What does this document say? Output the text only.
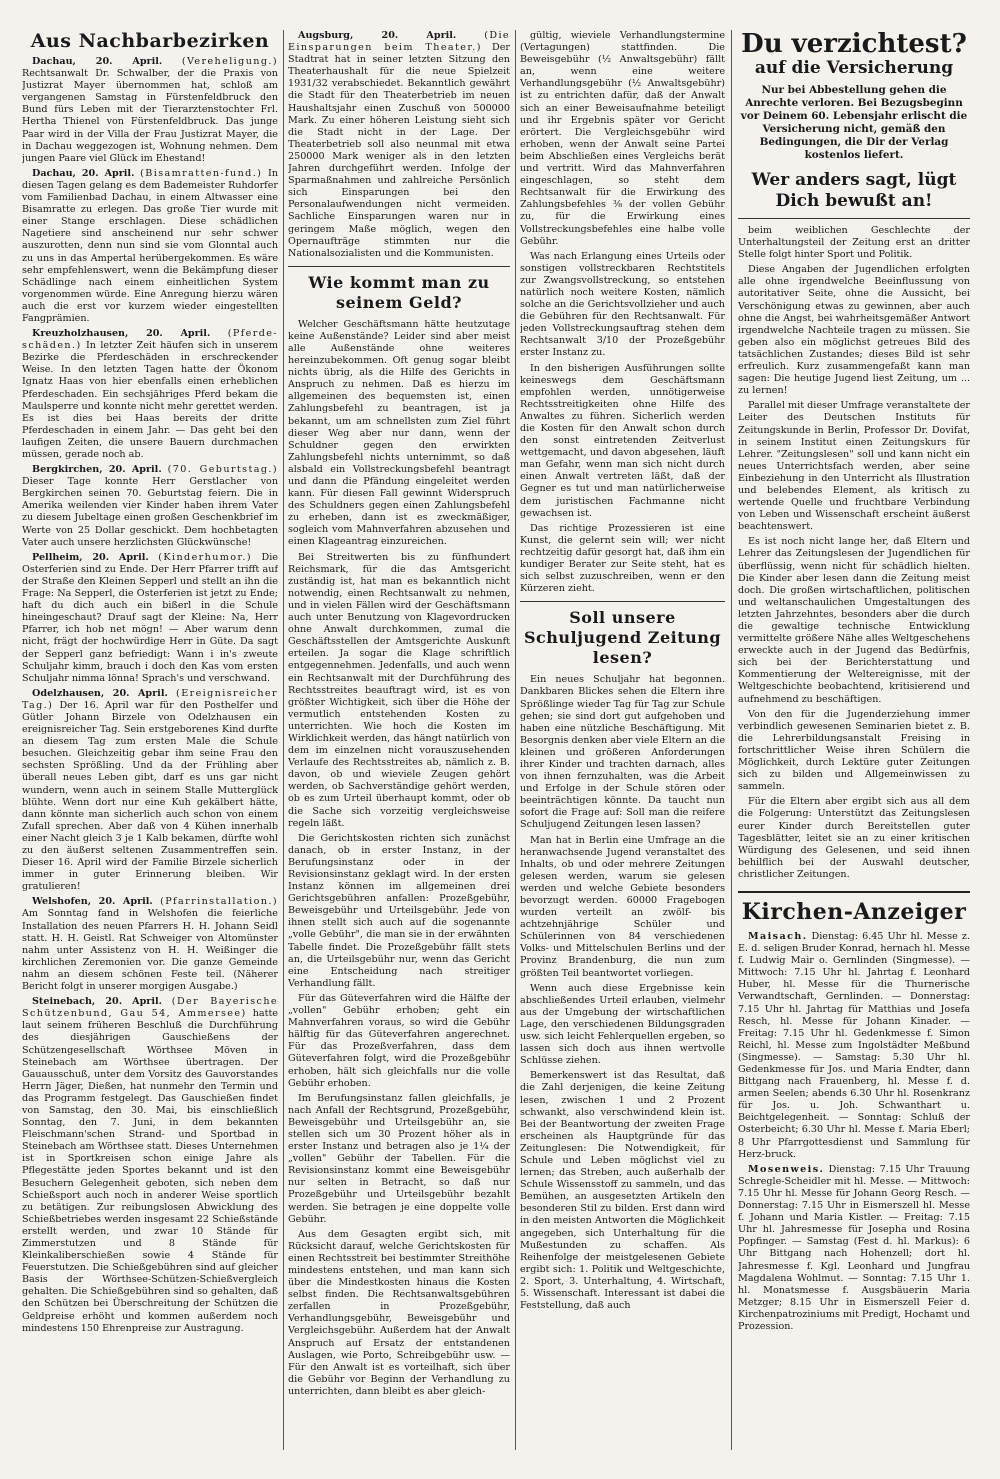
Aus Nachbarbezirken

Dachau, 20. April. (Vereheligung.) Rechtsanwalt Dr. Schwalber, der die Praxis von Justizrat Mayer übernommen hat, schloß am vergangenen Samstag in Fürstenfeldbruck den Bund fürs Leben mit der Tierarztenstochter Frl. Hertha Thienel von Fürstenfeldbruck. Das junge Paar wird in der Villa der Frau Justizrat Mayer, die in Dachau weggezogen ist, Wohnung nehmen. Dem jungen Paare viel Glück im Ehestand!

Dachau, 20. April. (Bisamratten-fund.) In diesen Tagen gelang es dem Bademeister Ruhdorfer vom Familienbad Dachau, in einem Altwasser eine Bisamratte zu erlegen. Das große Tier wurde mit einer Stange erschlagen. Diese schädlichen Nagetiere sind anscheinend nur sehr schwer auszurotten, denn nun sind sie vom Glonntal auch zu uns in das Ampertal herübergekommen. Es wäre sehr empfehlenswert, wenn die Bekämpfung dieser Schädlinge nach einem einheitlichen System vorgenommen würde. Eine Anregung hierzu wären auch die erst vor kurzem wieder eingestellten Fangprämien.

Kreuzholzhausen, 20. April. (Pferde-schäden.) In letzter Zeit häufen sich in unserem Bezirke die Pferdeschäden in erschreckender Weise. In den letzten Tagen hatte der Ökonom Ignatz Haas von hier ebenfalls einen erheblichen Pferdeschaden. Ein sechsjähriges Pferd bekam die Maulsperre und konnte nicht mehr gerettet werden. Es ist dies bei Haas bereits der dritte Pferdeschaden in einem Jahr. — Das geht bei den laufigen Zeiten, die unsere Bauern durchmachen müssen, gerade noch ab.

Bergkirchen, 20. April. (70. Geburtstag.) Dieser Tage konnte Herr Gerstlacher von Bergkirchen seinen 70. Geburtstag feiern. Die in Amerika weilenden vier Kinder haben ihrem Vater zu diesem Jubeltage einen großen Geschenkbrief im Werte von 25 Dollar geschickt. Dem hochbetagten Vater auch unsere herzlichsten Glückwünsche!

Pellheim, 20. April. (Kinderhumor.) Die Osterferien sind zu Ende. Der Herr Pfarrer trifft auf der Straße den Kleinen Sepperl und stellt an ihn die Frage: Na Sepperl, die Osterferien ist jetzt zu Ende; haft du dich auch ein bißerl in die Schule hineingeschaut? Drauf sagt der Kleine: Na, Herr Pfarrer, ich hob net mögn! — Aber warum denn nicht, frägt der hochwürdige Herr in Güte. Da sagt der Sepperl ganz befriedigt: Wann i in's zweute Schuljahr kimm, brauch i doch den Kas vom ersten Schuljahr nimma lönna! Sprach's und verschwand.

Odelzhausen, 20. April. (Ereignisreicher Tag.) Der 16. April war für den Posthelfer und Gütler Johann Birzele von Odelzhausen ein ereignisreicher Tag. Sein erstgeborenes Kind durfte an diesem Tag zum ersten Male die Schule besuchen. Gleichzeitig gebar ihm seine Frau den sechsten Sprößling. Und da der Frühling aber überall neues Leben gibt, darf es uns gar nicht wundern, wenn auch in seinem Stalle Mutterglück blühte. Wenn dort nur eine Kuh gekälbert hätte, dann könnte man sicherlich auch schon von einem Zufall sprechen. Aber daß von 4 Kühen innerhalb einer Nacht gleich 3 je 1 Kalb bekamen, dürfte wohl zu den äußerst seltenen Zusammentreffen sein. Dieser 16. April wird der Familie Birzele sicherlich immer in guter Erinnerung bleiben. Wir gratulieren!

Welshofen, 20. April. (Pfarrinstallation.) Am Sonntag fand in Welshofen die feierliche Installation des neuen Pfarrers H. H. Johann Seidl statt. H. H. Geistl. Rat Schweiger von Altomünster nahm unter Assistenz von H. H. Weißinger die kirchlichen Zeremonien vor. Die ganze Gemeinde nahm an diesem schönen Feste teil. (Näherer Bericht folgt in unserer morgigen Ausgabe.)

Steinebach, 20. April. (Der Bayerische Schützenbund, Gau 54, Ammersee) hatte laut seinem früheren Beschluß die Durchführung des diesjährigen Gauschießens der Schützengesellschaft Wörthsee Möven in Steinebach am Wörthsee übertragen. Der Gauausschuß, unter dem Vorsitz des Gauvorstandes Herrn Jäger, Dießen, hat nunmehr den Termin und das Programm festgelegt. Das Gauschießen findet von Samstag, den 30. Mai, bis einschließlich Sonntag, den 7. Juni, in dem bekannten Fleischmann'schen Strand- und Sportbad in Steinebach am Wörthsee statt. Dieses Unternehmen ist in Sportkreisen schon einige Jahre als Pflegestätte jeden Sportes bekannt und ist den Besuchern Gelegenheit geboten, sich neben dem Schießsport auch noch in anderer Weise sportlich zu betätigen. Zur reibungslosen Abwicklung des Schießbetriebes werden insgesamt 22 Schießstände erstellt werden, und zwar 10 Stände für Zimmerstutzen und 8 Stände für Kleinkaliberschießen sowie 4 Stände für Feuerstutzen. Die Schießgebühren sind auf gleicher Basis der Wörthsee-Schützen-Schießvergleich gehalten. Die Schießgebühren sind so gehalten, daß den Schützen bei Überschreitung der Schützen die Geldpreise erhöht und kommen außerdem noch mindestens 150 Ehrenpreise zur Austragung.

Augsburg, 20. April.	(Die Einsparungen beim Theater.) Der Stadtrat hat in seiner letzten Sitzung den Theaterhaushalt für die neue Spielzeit 1931/32 verabschiedet. Bekanntlich gewährt die Stadt für den Theaterbetrieb im neuen Haushaltsjahr einen Zuschuß von 500000 Mark. Zu einer höheren Leistung sieht sich die Stadt nicht in der Lage. Der Theaterbetrieb soll also neunmal mit etwa 250000 Mark weniger als in den letzten Jahren durchgeführt werden. Infolge der Sparmaßnahmen und zahlreiche Persönlich sich Einsparungen bei den Personalaufwendungen nicht vermeiden. Sachliche Einsparungen waren nur in geringem Maße möglich, wegen den Opernaufträge stimmten nur die Nationalsozialisten und die Kommunisten.

Wie kommt man zu seinem Geld?

Welcher Geschäftsmann hätte heutzutage keine Außenstände? Leider sind aber meist alle Außenstände ohne weiteres hereinzubekommen. Oft genug sogar bleibt nichts übrig, als die Hilfe des Gerichts in Anspruch zu nehmen. Daß es hierzu im allgemeinen des bequemsten ist, einen Zahlungsbefehl zu beantragen, ist ja bekannt, um am schnellsten zum Ziel führt dieser Weg aber nur dann, wenn der Schuldner gegen den erwirkten Zahlungsbefehl nichts unternimmt, so daß alsbald ein Vollstreckungsbefehl beantragt und dann die Pfändung eingeleitet werden kann. Für diesen Fall gewinnt Widerspruch des Schuldners gegen einen Zahlungsbefehl zu erheben, dann ist es zweckmäßiger, sogleich vom Mahnverfahren abzusehen und einen Klageantrag einzureichen.

Bei Streitwerten bis zu fünfhundert Reichsmark, für die das Amtsgericht zuständig ist, hat man es bekanntlich nicht notwendig, einen Rechtsanwalt zu nehmen, und in vielen Fällen wird der Geschäftsmann auch unter Benutzung von Klagevordrucken ohne Anwalt durchkommen, zumal die Geschäftsstellen der Amtsgerichte Auskunft erteilen. Ja sogar die Klage schriftlich entgegennehmen. Jedenfalls, und auch wenn ein Rechtsanwalt mit der Durchführung des Rechtsstreites beauftragt wird, ist es von größter Wichtigkeit, sich über die Höhe der vermutlich entstehenden Kosten zu unterrichten. Wie hoch die Kosten im Wirklichkeit werden, das hängt natürlich von dem im einzelnen nicht vorauszusehenden Verlaufe des Rechtsstreites ab, nämlich z. B. davon, ob und wieviele Zeugen gehört werden, ob Sachverständige gehört werden, ob es zum Urteil überhaupt kommt, oder ob die Sache sich vorzeitig vergleichsweise regeln läßt.

Die Gerichtskosten richten sich zunächst danach, ob in erster Instanz, in der Berufungsinstanz oder in der Revisionsinstanz geklagt wird. In der ersten Instanz können im allgemeinen drei Gerichtsgebühren anfallen: Prozeßgebühr, Beweisgebühr und Urteilsgebühr. Jede von ihnen stellt sich auch auf die sogenannte „volle Gebühr", die man sie in der erwähnten Tabelle findet. Die Prozeßgebühr fällt stets an, die Urteilsgebühr nur, wenn das Gericht eine Entscheidung nach streitiger Verhandlung fällt.

Für das Güteverfahren wird die Hälfte der „vollen" Gebühr erhoben; geht ein Mahnverfahren voraus, so wird die Gebühr hälftig für das Güteverfahren angerechnet. Für das Prozeßverfahren, dass dem Güteverfahren folgt, wird die Prozeßgebühr erhoben, hält sich gleichfalls nur die volle Gebühr erhoben.

Im Berufungsinstanz fallen gleichfalls, je nach Anfall der Rechtsgrund, Prozeßgebühr, Beweisgebühr und Urteilsgebühr an, sie stellen sich um 30 Prozent höher als in erster Instanz und betragen also je 1¼ der „vollen" Gebühr der Tabellen. Für die Revisionsinstanz kommt eine Beweisgebühr nur selten in Betracht, so daß nur Prozeßgebühr und Urteilsgebühr bezahlt werden. Sie betragen je eine doppelte volle Gebühr.

Aus dem Gesagten ergibt sich, mit Rücksicht darauf, welche Gerichtskosten für einen Rechtsstreit bei bestimmter Streithöhe mindestens entstehen, und man kann sich über die Mindestkosten hinaus die Kosten selbst finden. Die Rechtsanwaltsgebühren zerfallen in Prozeßgebühr, Verhandlungsgebühr, Beweisgebühr und Vergleichsgebühr. Außerdem hat der Anwalt Anspruch auf Ersatz der entstandenen Auslagen, wie Porto, Schreibgebühr usw. — Für den Anwalt ist es vorteilhaft, sich über die Gebühr vor Beginn der Verhandlung zu unterrichten, dann bleibt es aber gleich-

gültig, wieviele Verhandlungstermine (Vertagungen) stattfinden. Die Beweisgebühr (½ Anwaltsgebühr) fällt an, wenn eine weitere Verhandlungsgebühr (½ Anwaltsgebühr) ist zu entrichten dafür, daß der Anwalt sich an einer Beweisaufnahme beteiligt und ihr Ergebnis später vor Gericht erörtert. Die Vergleichsgebühr wird erhoben, wenn der Anwalt seine Partei beim Abschließen eines Vergleichs berät und vertritt. Wird das Mahnverfahren eingeschlagen, so steht dem Rechtsanwalt für die Erwirkung des Zahlungsbefehles ⅜ der vollen Gebühr zu, für die Erwirkung eines Vollstreckungsbefehles eine halbe volle Gebühr.

Was nach Erlangung eines Urteils oder sonstigen vollstreckbaren Rechtstitels zur Zwangsvollstreckung, so entstehen natürlich noch weitere Kosten, nämlich solche an die Gerichtsvollzieher und auch die Gebühren für den Rechtsanwalt. Für jeden Vollstreckungsauftrag stehen dem Rechtsanwalt 3/10 der Prozeßgebühr erster Instanz zu.

In den bisherigen Ausführungen sollte keineswegs dem Geschäftsmann empfohlen werden, unnötigerweise Rechtsstreitigkeiten ohne Hilfe des Anwaltes zu führen. Sicherlich werden die Kosten für den Anwalt schon durch den sonst eintretenden Zeitverlust wettgemacht, und davon abgesehen, läuft man Gefahr, wenn man sich nicht durch einen Anwalt vertreten läßt, daß der Gegner es tut und man natürlicherweise dem juristischen Fachmanne nicht gewachsen ist.

Das richtige Prozessieren ist eine Kunst, die gelernt sein will; wer nicht rechtzeitig dafür gesorgt hat, daß ihm ein kundiger Berater zur Seite steht, hat es sich selbst zuzuschreiben, wenn er den Kürzeren zieht.

Soll unsere Schuljugend Zeitung lesen?

Ein neues Schuljahr hat begonnen. Dankbaren Blickes sehen die Eltern ihre Sprößlinge wieder Tag für Tag zur Schule gehen; sie sind dort gut aufgehoben und haben eine nützliche Beschäftigung. Mit Besorgnis denken aber viele Eltern an die kleinen und größeren Anforderungen ihrer Kinder und trachten darnach, alles von ihnen fernzuhalten, was die Arbeit und Erfolge in der Schule stören oder beeinträchtigen könnte. Da taucht nun sofort die Frage auf: Soll man die reifere Schuljugend Zeitungen lesen lassen?

Man hat in Berlin eine Umfrage an die heranwachsende Jugend veranstaltet des Inhalts, ob und oder mehrere Zeitungen gelesen werden, warum sie gelesen werden und welche Gebiete besonders bevorzugt werden. 60000 Fragebogen wurden verteilt an zwölf- bis achtzehnjährige Schüler und Schülerinnen von 84 verschiedenen Volks- und Mittelschulen Berlins und der Provinz Brandenburg, die nun zum größten Teil beantwortet vorliegen.

Wenn auch diese Ergebnisse kein abschließendes Urteil erlauben, vielmehr aus der Umgebung der wirtschaftlichen Lage, den verschiedenen Bildungsgraden usw. sich leicht Fehlerquellen ergeben, so lassen sich doch aus ihnen wertvolle Schlüsse ziehen.

Bemerkenswert ist das Resultat, daß die Zahl derjenigen, die keine Zeitung lesen, zwischen 1 und 2 Prozent schwankt, also verschwindend klein ist. Bei der Beantwortung der zweiten Frage erscheinen als Hauptgründe für das Zeitunglesen: Die Notwendigkeit, für Schule und Leben möglichst viel zu lernen; das Streben, auch außerhalb der Schule Wissensstoff zu sammeln, und das Bemühen, an ausgesetzten Artikeln den besonderen Stil zu bilden. Erst dann wird in den meisten Antworten die Möglichkeit angegeben, sich Unterhaltung für die Mußestunden zu schaffen. Als Reihenfolge der meistgelesenen Gebiete ergibt sich: 1. Politik und Weltgeschichte, 2. Sport, 3. Unterhaltung, 4. Wirtschaft, 5. Wissenschaft. Interessant ist dabei die Feststellung, daß auch

Du verzichtest?
auf die Versicherung
Nur bei Abbestellung gehen die Anrechte verloren. Bei Bezugsbeginn vor Deinem 60. Lebensjahr erlischt die Versicherung nicht, gemäß den Bedingungen, die Dir der Verlag kostenlos liefert.
Wer anders sagt, lügt Dich bewußt an!

beim weiblichen Geschlechte der Unterhaltungsteil der Zeitung erst an dritter Stelle folgt hinter Sport und Politik.

Diese Angaben der Jugendlichen erfolgten alle ohne irgendwelche Beeinflussung von autoritativer Seite, ohne die Aussicht, bei Verschönigung etwas zu gewinnen, aber auch ohne die Angst, bei wahrheitsgemäßer Antwort irgendwelche Nachteile tragen zu müssen. Sie geben also ein möglichst getreues Bild des tatsächlichen Zustandes; dieses Bild ist sehr erfreulich. Kurz zusammengefaßt kann man sagen: Die heutige Jugend liest Zeitung, um ... zu lernen!

Parallel mit dieser Umfrage veranstaltete der Leiter des Deutschen Instituts für Zeitungskunde in Berlin, Professor Dr. Dovifat, in seinem Institut einen Zeitungskurs für Lehrer. "Zeitungslesen" soll und kann nicht ein neues Unterrichtsfach werden, aber seine Einbeziehung in den Unterricht als Illustration und belebendes Element, als kritisch zu wertende Quelle und fruchtbare Verbindung von Leben und Wissenschaft erscheint äußerst beachtenswert.

Es ist noch nicht lange her, daß Eltern und Lehrer das Zeitungslesen der Jugendlichen für überflüssig, wenn nicht für schädlich hielten. Die Kinder aber lesen dann die Zeitung meist doch. Die großen wirtschaftlichen, politischen und weltanschaulichen Umgestaltungen des letzten Jahrzehntes, besonders aber die durch die gewaltige technische Entwicklung vermittelte größere Nähe alles Weltgeschehens erweckte auch in der Jugend das Bedürfnis, sich bei der Berichterstattung und Kommentierung der Weltereignisse, mit der Weltgeschichte beobachtend, kritisierend und aufnehmend zu beschäftigen.

Von den für die Jugenderziehung immer verbindlich gewesenen Seminarien bietet z. B. die Lehrerbildungsanstalt Freising in fortschrittlicher Weise ihren Schülern die Möglichkeit, durch Lektüre guter Zeitungen sich zu bilden und Allgemeinwissen zu sammeln.

Für die Eltern aber ergibt sich aus all dem die Folgerung: Unterstützt das Zeitungslesen eurer Kinder durch Bereitstellen guter Tagesblätter, leitet sie an zu einer kritischen Würdigung des Gelesenen, und seid ihnen behilflich bei der Auswahl deutscher, christlicher Zeitungen.

Kirchen-Anzeiger

Maisach. Dienstag: 6.45 Uhr hl. Messe z. E. d. seligen Bruder Konrad, hernach hl. Messe f. Ludwig Mair o. Gernlinden (Singmesse). — Mittwoch: 7.15 Uhr hl. Jahrtag f. Leonhard Huber, hl. Messe für die Thurnerische Verwandtschaft, Gernlinden. — Donnerstag: 7.15 Uhr hl. Jahrtag für Matthias und Josefa Resch, hl. Messe für Johann Kinader. — Freitag: 7.15 Uhr hl. Gedenkmesse f. Simon Reichl, hl. Messe zum Ingolstädter Meßbund (Singmesse). — Samstag: 5.30 Uhr hl. Gedenkmesse für Jos. und Maria Endter, dann Bittgang nach Frauenberg, hl. Messe f. d. armen Seelen; abends 6.30 Uhr hl. Rosenkranz für Jos. u. Joh. Schwanthart u. Beichtgelegenheit. — Sonntag: Schluß der Osterbeicht; 6.30 Uhr hl. Messe f. Maria Eberl; 8 Uhr Pfarrgottesdienst und Sammlung für Herz-bruck.

Mosenweis. Dienstag: 7.15 Uhr Trauung Schregle-Scheidler mit hl. Messe. — Mittwoch: 7.15 Uhr hl. Messe für Johann Georg Resch. — Donnerstag: 7.15 Uhr in Eismerszell hl. Messe f. Johann und Maria Kistler. — Freitag: 7.15 Uhr hl. Jahresmesse für Josepha und Rosina Popfinger. — Samstag (Fest d. hl. Markus): 6 Uhr Bittgang nach Hohenzell; dort hl. Jahresmesse f. Kgl. Leonhard und Jungfrau Magdalena Wohlmut. — Sonntag: 7.15 Uhr 1. hl. Monatsmesse f. Ausgsbäuerin Maria Metzger; 8.15 Uhr in Eismerszell Feier d. Kirchenpatroziniums mit Predigt, Hochamt und Prozession.
